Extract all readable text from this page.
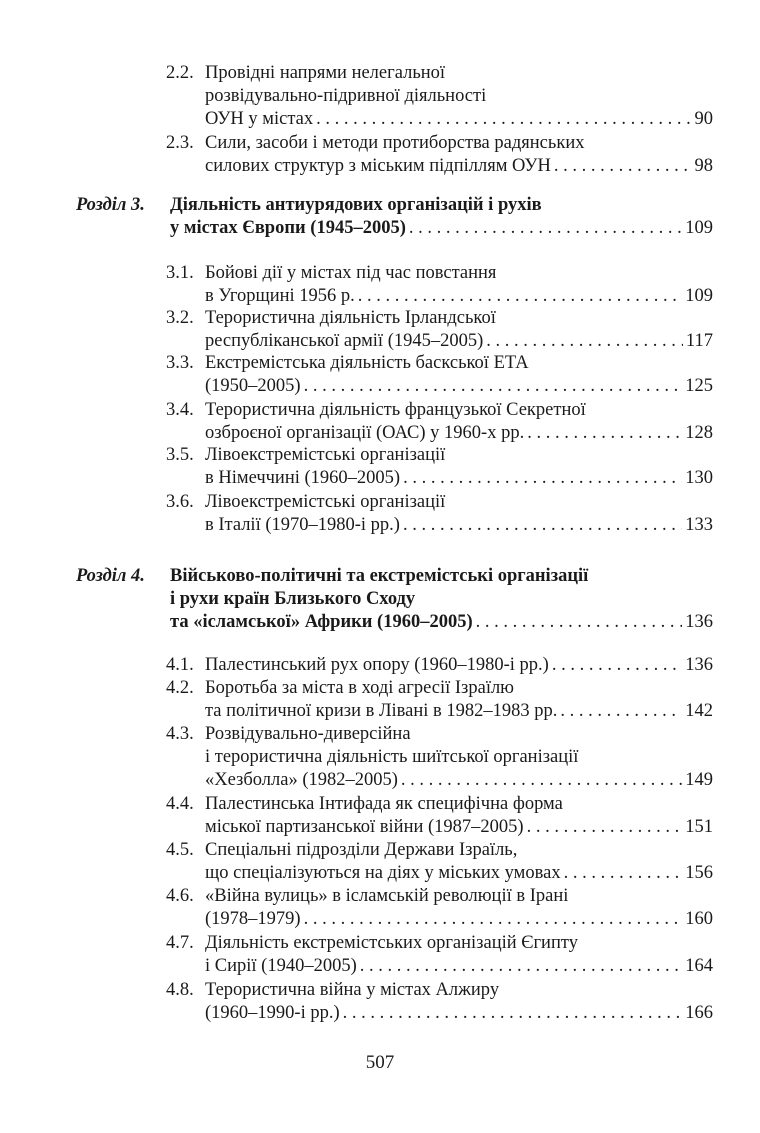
2.2. Провідні напрями нелегальної
розвідувально-підривної діяльності
ОУН у містах . . .	90
2.3. Сили, засоби і методи протиборства радянських
силових структур з міським підпіллям ОУН . . .	98
Розділ 3. Діяльність антиурядових організацій і рухів
у містах Європи (1945–2005) . . .	109
3.1. Бойові дії у містах під час повстання
в Угорщині 1956 р. . . .	109
3.2. Терористична діяльність Ірландської
республіканської армії (1945–2005) . . .	117
3.3. Екстремістська діяльність баскської ЕТА
(1950–2005) . . .	125
3.4. Терористична діяльність французької Секретної
озброєної організації (ОАС) у 1960-х рр. . . .	128
3.5. Лівоекстремістські організації
в Німеччині (1960–2005) . . .	130
3.6. Лівоекстремістські організації
в Італії (1970–1980-і рр.) . . .	133
Розділ 4. Військово-політичні та екстремістські організації
і рухи країн Близького Сходу
та «ісламської» Африки (1960–2005) . . .	136
4.1. Палестинський рух опору (1960–1980-і рр.) . . .	136
4.2. Боротьба за міста в ході агресії Ізраїлю
та політичної кризи в Лівані в 1982–1983 рр. . . .	142
4.3. Розвідувально-диверсійна
і терористична діяльність шиїтської організації
«Хезболла» (1982–2005) . . .	149
4.4. Палестинська Інтифада як специфічна форма
міської партизанської війни (1987–2005) . . .	151
4.5. Спеціальні підрозділи Держави Ізраїль,
що спеціалізуються на діях у міських умовах . . .	156
4.6. «Війна вулиць» в ісламській революції в Ірані
(1978–1979) . . .	160
4.7. Діяльність екстремістських організацій Єгипту
і Сирії (1940–2005) . . .	164
4.8. Терористична війна у містах Алжиру
(1960–1990-і рр.) . . .	166
507
